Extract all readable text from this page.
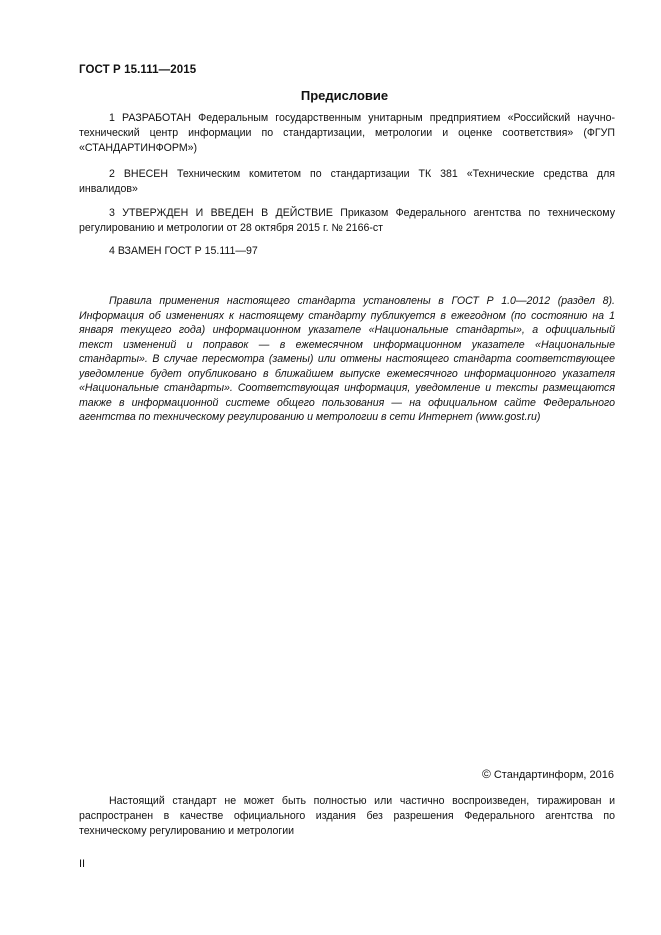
ГОСТ Р 15.111—2015
Предисловие

1 РАЗРАБОТАН Федеральным государственным унитарным предприятием «Российский научно-технический центр информации по стандартизации, метрологии и оценке соответствия» (ФГУП «СТАНДАРТИНФОРМ»)

2 ВНЕСЕН Техническим комитетом по стандартизации ТК 381 «Технические средства для инвалидов»

3 УТВЕРЖДЕН И ВВЕДЕН В ДЕЙСТВИЕ Приказом Федерального агентства по техническому регулированию и метрологии от 28 октября 2015 г. № 2166-ст

4 ВЗАМЕН ГОСТ Р 15.111—97

Правила применения настоящего стандарта установлены в ГОСТ Р 1.0—2012 (раздел 8). Информация об изменениях к настоящему стандарту публикуется в ежегодном (по состоянию на 1 января текущего года) информационном указателе «Национальные стандарты», а официальный текст изменений и поправок — в ежемесячном информационном указателе «Национальные стандарты». В случае пересмотра (замены) или отмены настоящего стандарта соответствующее уведомление будет опубликовано в ближайшем выпуске ежемесячного информационного указателя «Национальные стандарты». Соответствующая информация, уведомление и тексты размещаются также в информационной системе общего пользования — на официальном сайте Федерального агентства по техническому регулированию и метрологии в сети Интернет (www.gost.ru)

© Стандартинформ, 2016

Настоящий стандарт не может быть полностью или частично воспроизведен, тиражирован и распространен в качестве официального издания без разрешения Федерального агентства по техническому регулированию и метрологии

II
